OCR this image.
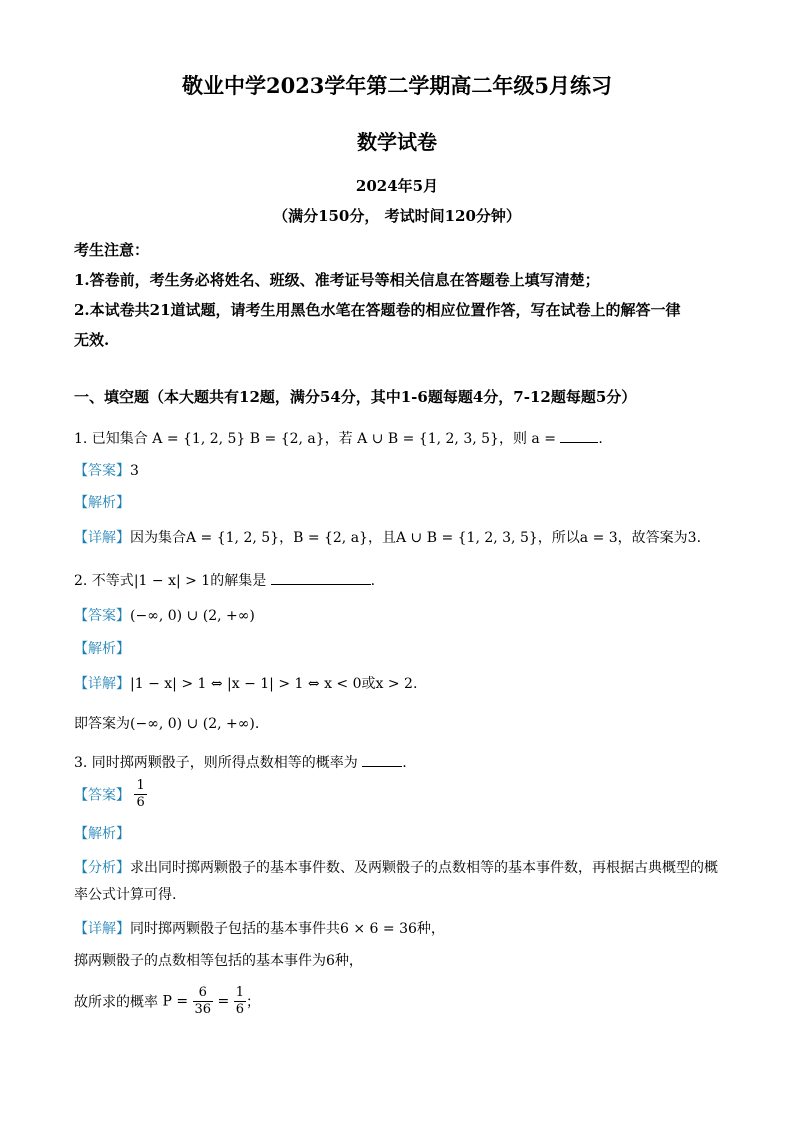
敬业中学2023学年第二学期高二年级5月练习
数学试卷
2024年5月
（满分150分， 考试时间120分钟）
考生注意：
1.答卷前，考生务必将姓名、班级、准考证号等相关信息在答题卷上填写清楚；
2.本试卷共21道试题，请考生用黑色水笔在答题卷的相应位置作答，写在试卷上的解答一律
无效.
一、填空题（本大题共有12题，满分54分，其中1-6题每题4分，7-12题每题5分）
1. 已知集合 A = {1, 2, 5} B = {2, a}，若 A ∪ B = {1, 2, 3, 5}，则 a =	.
【答案】3
【解析】
【详解】因为集合A = {1, 2, 5}，B = {2, a}，且A ∪ B = {1, 2, 3, 5}，所以a = 3，故答案为3.
2. 不等式|1 − x| > 1的解集是	.
【答案】(−∞, 0) ∪ (2, +∞)
【解析】
【详解】|1 − x| > 1 ⇔ |x − 1| > 1 ⇔ x < 0或x > 2.
即答案为(−∞, 0) ∪ (2, +∞).
3. 同时掷两颗骰子，则所得点数相等的概率为	.
【答案】 $\frac{1}{6}$
【解析】
【分析】求出同时掷两颗骰子的基本事件数、及两颗骰子的点数相等的基本事件数，再根据古典概型的概
率公式计算可得.
【详解】同时掷两颗骰子包括的基本事件共6 × 6 = 36种，
掷两颗骰子的点数相等包括的基本事件为6种，
故所求的概率 $P = \frac{6}{36} = \frac{1}{6}$ ；
